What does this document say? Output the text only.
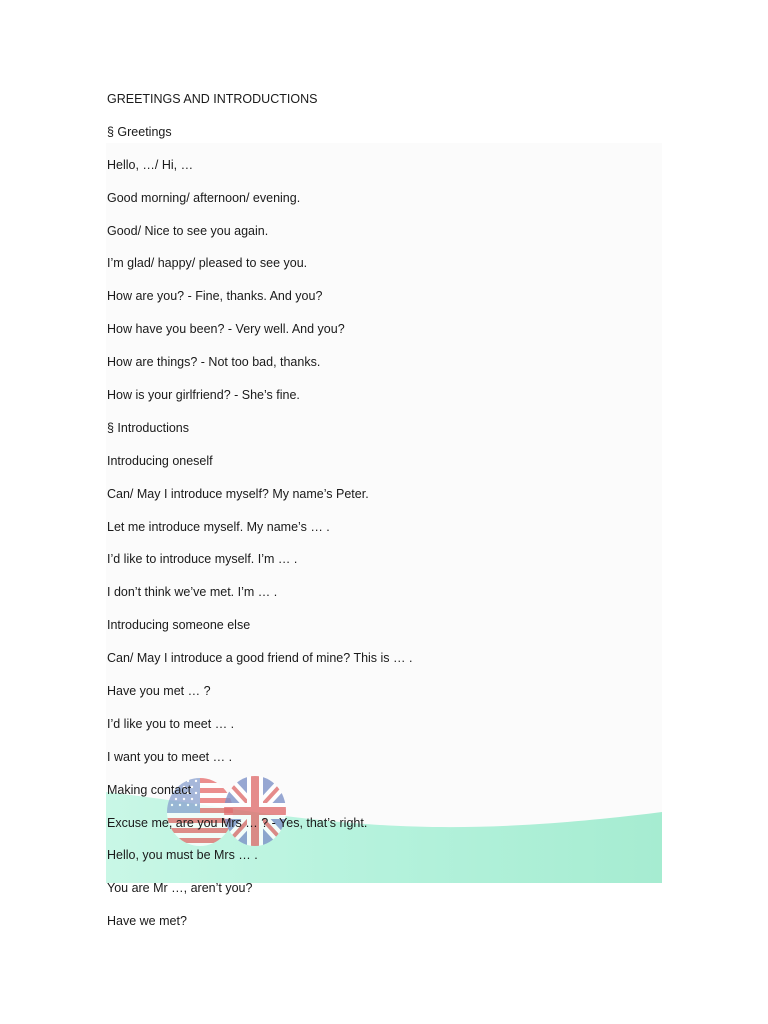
GREETINGS AND INTRODUCTIONS
§ Greetings
Hello, …/ Hi, …
Good morning/ afternoon/ evening.
Good/ Nice to see you again.
I’m glad/ happy/ pleased to see you.
How are you? - Fine, thanks. And you?
How have you been? - Very well. And you?
How are things? - Not too bad, thanks.
How is your girlfriend? - She’s fine.
§ Introductions
Introducing oneself
Can/ May I introduce myself? My name’s Peter.
Let me introduce myself. My name’s … .
I’d like to introduce myself. I’m … .
I don’t think we’ve met. I’m … .
Introducing someone else
Can/ May I introduce a good friend of mine? This is … .
Have you met … ?
I’d like you to meet … .
I want you to meet … .
Making contact
Excuse me, are you Mrs … ? - Yes, that’s right.
Hello, you must be Mrs … .
You are Mr …, aren’t you?
Have we met?
